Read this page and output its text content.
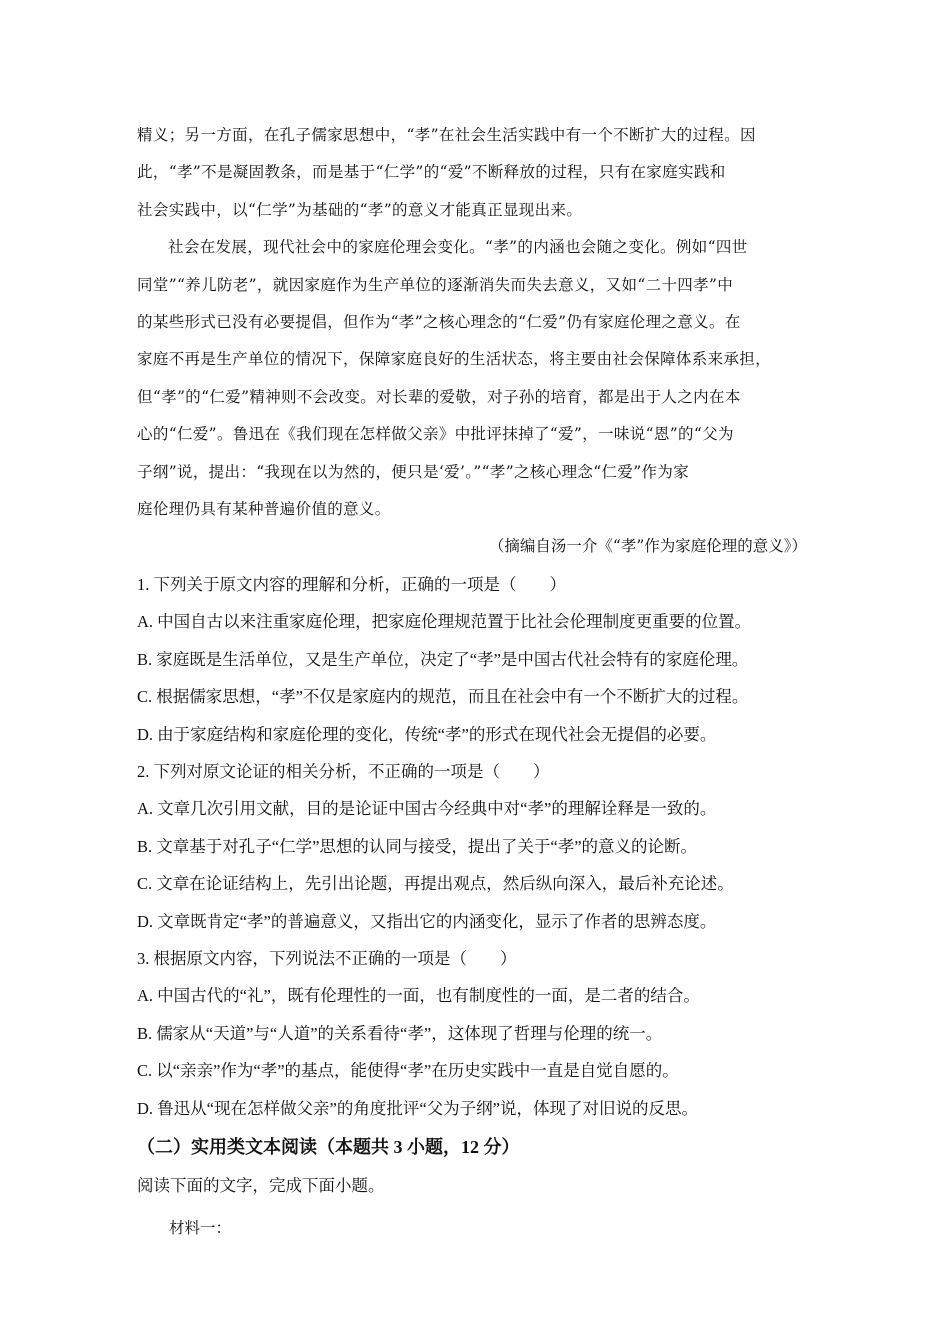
精义；另一方面，在孔子儒家思想中，“孝”在社会生活实践中有一个不断扩大的过程。因
此，“孝”不是凝固教条，而是基于“仁学”的“爱”不断释放的过程，只有在家庭实践和
社会实践中，以“仁学”为基础的“孝”的意义才能真正显现出来。
社会在发展，现代社会中的家庭伦理会变化。“孝”的内涵也会随之变化。例如“四世
同堂”“养儿防老”，就因家庭作为生产单位的逐渐消失而失去意义，又如“二十四孝”中
的某些形式已没有必要提倡，但作为“孝”之核心理念的“仁爱”仍有家庭伦理之意义。在
家庭不再是生产单位的情况下，保障家庭良好的生活状态，将主要由社会保障体系来承担，
但“孝”的“仁爱”精神则不会改变。对长辈的爱敬，对子孙的培育，都是出于人之内在本
心的“仁爱”。鲁迅在《我们现在怎样做父亲》中批评抹掉了“爱”，一味说“恩”的“父为
子纲”说，提出：“我现在以为然的，便只是‘爱’。”“孝”之核心理念“仁爱”作为家
庭伦理仍具有某种普遍价值的意义。

（摘编自汤一介《“孝”作为家庭伦理的意义》）

1. 下列关于原文内容的理解和分析，正确的一项是（　　）

A. 中国自古以来注重家庭伦理，把家庭伦理规范置于比社会伦理制度更重要的位置。

B. 家庭既是生活单位，又是生产单位，决定了“孝”是中国古代社会特有的家庭伦理。

C. 根据儒家思想，“孝”不仅是家庭内的规范，而且在社会中有一个不断扩大的过程。

D. 由于家庭结构和家庭伦理的变化，传统“孝”的形式在现代社会无提倡的必要。

2. 下列对原文论证的相关分析，不正确的一项是（　　）

A. 文章几次引用文献，目的是论证中国古今经典中对“孝”的理解诠释是一致的。

B. 文章基于对孔子“仁学”思想的认同与接受，提出了关于“孝”的意义的论断。

C. 文章在论证结构上，先引出论题，再提出观点，然后纵向深入，最后补充论述。

D. 文章既肯定“孝”的普遍意义，又指出它的内涵变化，显示了作者的思辨态度。

3. 根据原文内容，下列说法不正确的一项是（　　）

A. 中国古代的“礼”，既有伦理性的一面，也有制度性的一面，是二者的结合。

B. 儒家从“天道”与“人道”的关系看待“孝”，这体现了哲理与伦理的统一。

C. 以“亲亲”作为“孝”的基点，能使得“孝”在历史实践中一直是自觉自愿的。

D. 鲁迅从“现在怎样做父亲”的角度批评“父为子纲”说，体现了对旧说的反思。

（二）实用类文本阅读（本题共 3 小题，12 分）

阅读下面的文字，完成下面小题。

材料一：
